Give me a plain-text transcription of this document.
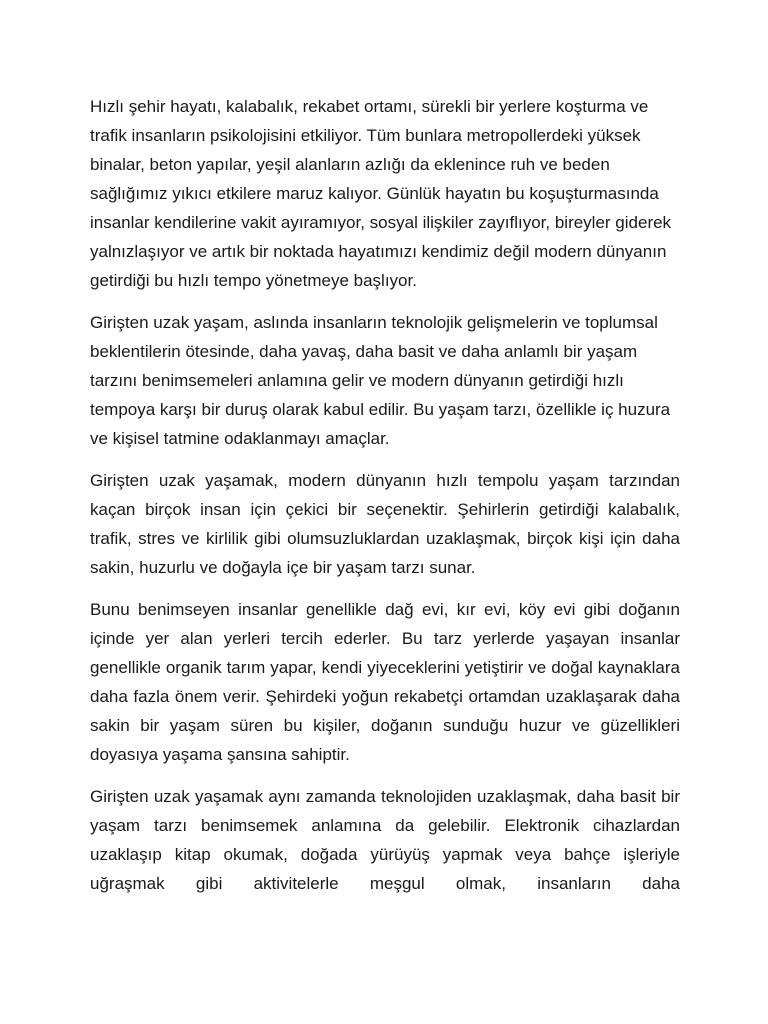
Hızlı şehir hayatı, kalabalık, rekabet ortamı, sürekli bir yerlere koşturma ve trafik insanların psikolojisini etkiliyor. Tüm bunlara metropollerdeki yüksek binalar, beton yapılar, yeşil alanların azlığı da eklenince ruh ve beden sağlığımız yıkıcı etkilere maruz kalıyor. Günlük hayatın bu koşuşturmasında insanlar kendilerine vakit ayıramıyor, sosyal ilişkiler zayıflıyor, bireyler giderek yalnızlaşıyor ve artık bir noktada hayatımızı kendimiz değil modern dünyanın getirdiği bu hızlı tempo yönetmeye başlıyor.

Girişten uzak yaşam, aslında insanların teknolojik gelişmelerin ve toplumsal beklentilerin ötesinde, daha yavaş, daha basit ve daha anlamlı bir yaşam tarzını benimsemeleri anlamına gelir ve modern dünyanın getirdiği hızlı tempoya karşı bir duruş olarak kabul edilir. Bu yaşam tarzı, özellikle iç huzura ve kişisel tatmine odaklanmayı amaçlar.

Girişten uzak yaşamak, modern dünyanın hızlı tempolu yaşam tarzından kaçan birçok insan için çekici bir seçenektir. Şehirlerin getirdiği kalabalık, trafik, stres ve kirlilik gibi olumsuzluklardan uzaklaşmak, birçok kişi için daha sakin, huzurlu ve doğayla içe bir yaşam tarzı sunar.

Bunu benimseyen insanlar genellikle dağ evi, kır evi, köy evi gibi doğanın içinde yer alan yerleri tercih ederler. Bu tarz yerlerde yaşayan insanlar genellikle organik tarım yapar, kendi yiyeceklerini yetiştirir ve doğal kaynaklara daha fazla önem verir. Şehirdeki yoğun rekabetçi ortamdan uzaklaşarak daha sakin bir yaşam süren bu kişiler, doğanın sunduğu huzur ve güzellikleri doyasıya yaşama şansına sahiptir.

Girişten uzak yaşamak aynı zamanda teknolojiden uzaklaşmak, daha basit bir yaşam tarzı benimsemek anlamına da gelebilir. Elektronik cihazlardan uzaklaşıp kitap okumak, doğada yürüyüş yapmak veya bahçe işleriyle uğraşmak gibi aktivitelerle meşgul olmak, insanların daha
